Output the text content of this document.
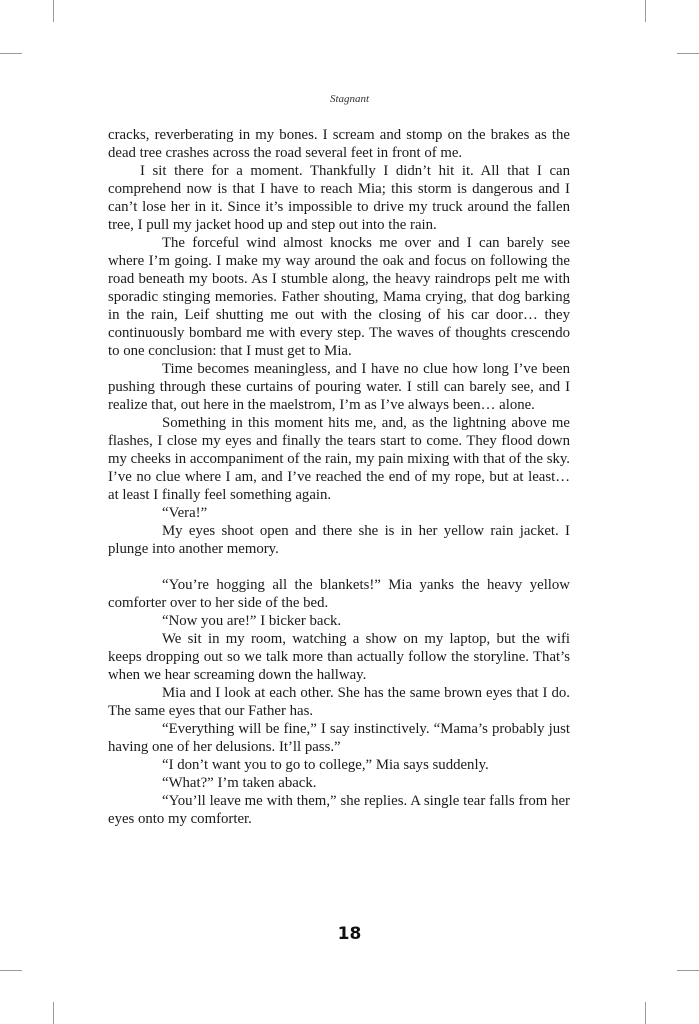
Stagnant

cracks, reverberating in my bones. I scream and stomp on the brakes as the dead tree crashes across the road several feet in front of me.

I sit there for a moment. Thankfully I didn’t hit it. All that I can comprehend now is that I have to reach Mia; this storm is dangerous and I can’t lose her in it. Since it’s impossible to drive my truck around the fallen tree, I pull my jacket hood up and step out into the rain.

The forceful wind almost knocks me over and I can barely see where I’m going. I make my way around the oak and focus on following the road beneath my boots. As I stumble along, the heavy raindrops pelt me with sporadic stinging memories. Father shouting, Mama crying, that dog barking in the rain, Leif shutting me out with the closing of his car door… they continuously bombard me with every step. The waves of thoughts crescendo to one conclusion: that I must get to Mia.

Time becomes meaningless, and I have no clue how long I’ve been pushing through these curtains of pouring water. I still can barely see, and I realize that, out here in the maelstrom, I’m as I’ve always been… alone.

Something in this moment hits me, and, as the lightning above me flashes, I close my eyes and finally the tears start to come. They flood down my cheeks in accompaniment of the rain, my pain mixing with that of the sky. I’ve no clue where I am, and I’ve reached the end of my rope, but at least… at least I finally feel something again.

“Vera!”

My eyes shoot open and there she is in her yellow rain jacket. I plunge into another memory.

“You’re hogging all the blankets!” Mia yanks the heavy yellow comforter over to her side of the bed.

“Now you are!” I bicker back.

We sit in my room, watching a show on my laptop, but the wifi keeps dropping out so we talk more than actually follow the storyline. That’s when we hear screaming down the hallway.

Mia and I look at each other. She has the same brown eyes that I do. The same eyes that our Father has.

“Everything will be fine,” I say instinctively. “Mama’s probably just having one of her delusions. It’ll pass.”

“I don’t want you to go to college,” Mia says suddenly.

“What?” I’m taken aback.

“You’ll leave me with them,” she replies. A single tear falls from her eyes onto my comforter.

18
